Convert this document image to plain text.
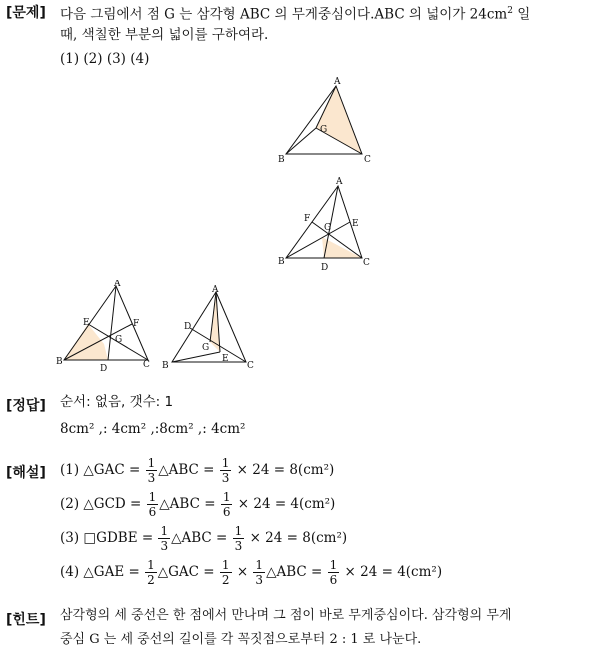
[문제] 다음 그림에서 점 G 는 삼각형 ABC 의 무게중심이다.ABC 의 넓이가 $24cm^2$ 일
때, 색칠한 부분의 넓이를 구하여라.
(1) (2) (3) (4)
A
B	C
G
A
B	C
G
F	E
D
A
B	C
G
E	F
D
A
B	C
G
D
E
[정답] 순서: 없음, 갯수: 1
8cm² ,: 4cm² ,:8cm² ,: 4cm²
[해설] (1) △GAC = $\frac{1}{3}$ △ABC = $\frac{1}{3} \times 24 = 8(cm^2)$
(2) △GCD = $\frac{1}{6}$ △ABC = $\frac{1}{6} \times 24 = 4(cm^2)$
(3) □GDBE = $\frac{1}{3}$ △ABC = $\frac{1}{3} \times 24 = 8(cm^2)$
(4) △GAE = $\frac{1}{2}$ △GAC = $\frac{1}{2} \times \frac{1}{3}$ △ABC = $\frac{1}{6} \times 24 = 4(cm^2)$
[힌트] 삼각형의 세 중선은 한 점에서 만나며 그 점이 바로 무게중심이다. 삼각형의 무게
중심 G 는 세 중선의 길이를 각 꼭짓점으로부터 2 : 1 로 나눈다.
